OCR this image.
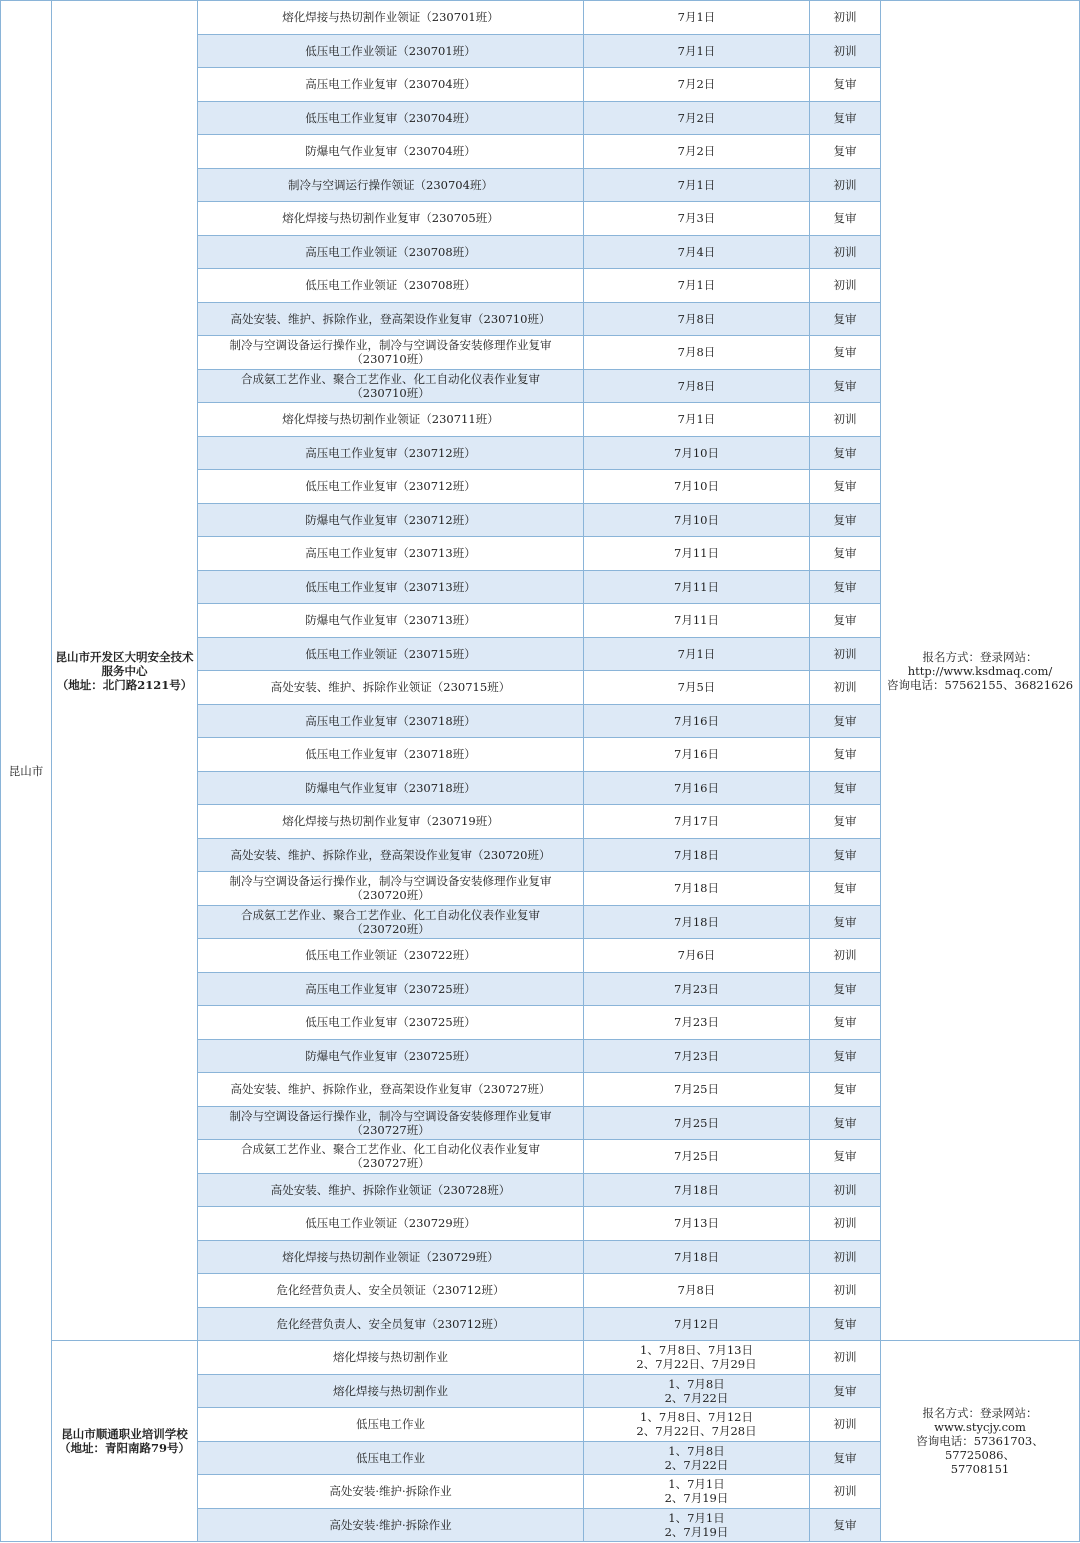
昆山市	昆山市开发区大明安全技术服务中心
（地址：北门路2121号）	熔化焊接与热切割作业领证（230701班）	7月1日	初训	报名方式：登录网站：
http://www.ksdmaq.com/
咨询电话：57562155、36821626
		低压电工作业领证（230701班）	7月1日	初训	
		高压电工作业复审（230704班）	7月2日	复审	
		低压电工作业复审（230704班）	7月2日	复审	
		防爆电气作业复审（230704班）	7月2日	复审	
		制冷与空调运行操作领证（230704班）	7月1日	初训	
		熔化焊接与热切割作业复审（230705班）	7月3日	复审	
		高压电工作业领证（230708班）	7月4日	初训	
		低压电工作业领证（230708班）	7月1日	初训	
		高处安装、维护、拆除作业，登高架设作业复审（230710班）	7月8日	复审	
		制冷与空调设备运行操作业，制冷与空调设备安装修理作业复审
（230710班）	7月8日	复审	
		合成氨工艺作业、聚合工艺作业、化工自动化仪表作业复审
（230710班）	7月8日	复审	
		熔化焊接与热切割作业领证（230711班）	7月1日	初训	
		高压电工作业复审（230712班）	7月10日	复审	
		低压电工作业复审（230712班）	7月10日	复审	
		防爆电气作业复审（230712班）	7月10日	复审	
		高压电工作业复审（230713班）	7月11日	复审	
		低压电工作业复审（230713班）	7月11日	复审	
		防爆电气作业复审（230713班）	7月11日	复审	
		低压电工作业领证（230715班）	7月1日	初训	
		高处安装、维护、拆除作业领证（230715班）	7月5日	初训	
		高压电工作业复审（230718班）	7月16日	复审	
		低压电工作业复审（230718班）	7月16日	复审	
		防爆电气作业复审（230718班）	7月16日	复审	
		熔化焊接与热切割作业复审（230719班）	7月17日	复审	
		高处安装、维护、拆除作业，登高架设作业复审（230720班）	7月18日	复审	
		制冷与空调设备运行操作业，制冷与空调设备安装修理作业复审
（230720班）	7月18日	复审	
		合成氨工艺作业、聚合工艺作业、化工自动化仪表作业复审
（230720班）	7月18日	复审	
		低压电工作业领证（230722班）	7月6日	初训	
		高压电工作业复审（230725班）	7月23日	复审	
		低压电工作业复审（230725班）	7月23日	复审	
		防爆电气作业复审（230725班）	7月23日	复审	
		高处安装、维护、拆除作业，登高架设作业复审（230727班）	7月25日	复审	
		制冷与空调设备运行操作业，制冷与空调设备安装修理作业复审
（230727班）	7月25日	复审	
		合成氨工艺作业、聚合工艺作业、化工自动化仪表作业复审
（230727班）	7月25日	复审	
		高处安装、维护、拆除作业领证（230728班）	7月18日	初训	
		低压电工作业领证（230729班）	7月13日	初训	
		熔化焊接与热切割作业领证（230729班）	7月18日	初训	
		危化经营负责人、安全员领证（230712班）	7月8日	初训	
		危化经营负责人、安全员复审（230712班）	7月12日	复审	
	昆山市顺通职业培训学校
（地址：青阳南路79号）	熔化焊接与热切割作业	1、7月8日、7月13日
2、7月22日、7月29日	初训	报名方式：登录网站：
www.stycjy.com
咨询电话：57361703、57725086、
57708151
		熔化焊接与热切割作业	1、7月8日
2、7月22日	复审	
		低压电工作业	1、7月8日、7月12日
2、7月22日、7月28日	初训	
		低压电工作业	1、7月8日
2、7月22日	复审	
		高处安装·维护·拆除作业	1、7月1日
2、7月19日	初训	
		高处安装·维护·拆除作业	1、7月1日
2、7月19日	复审	
